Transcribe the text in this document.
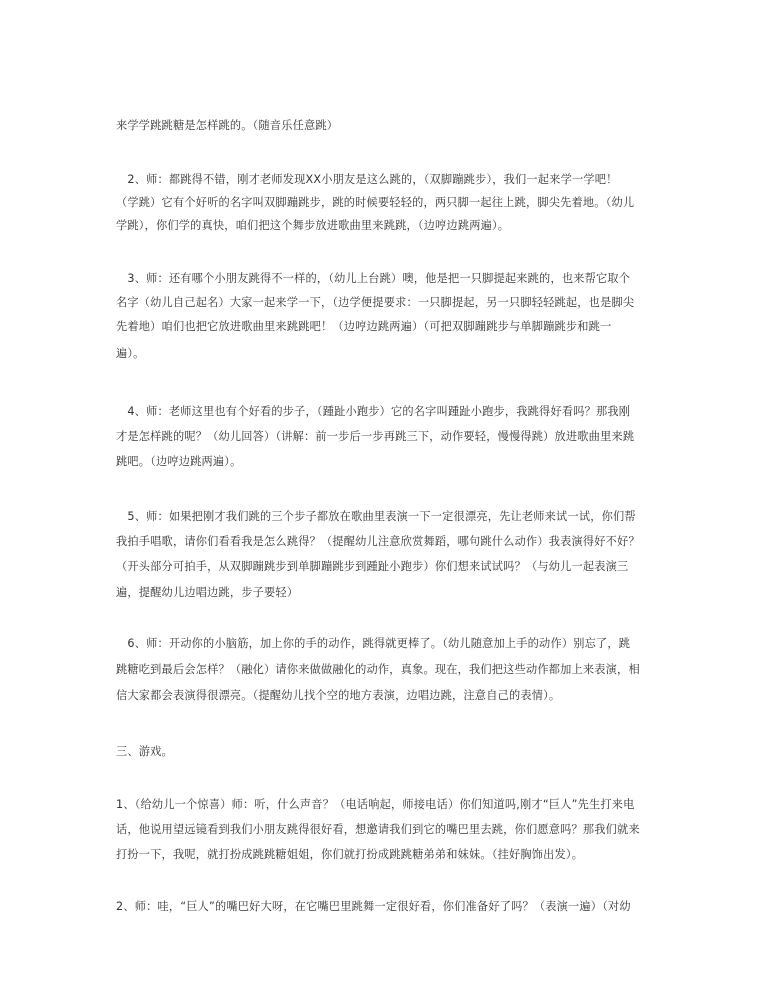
来学学跳跳糖是怎样跳的。（随音乐任意跳）
　2、师：都跳得不错，刚才老师发现XX小朋友是这么跳的，（双脚蹦跳步），我们一起来学一学吧！
（学跳）它有个好听的名字叫双脚蹦跳步，跳的时候要轻轻的，两只脚一起往上跳，脚尖先着地。（幼儿
学跳），你们学的真快，咱们把这个舞步放进歌曲里来跳跳，（边哼边跳两遍）。
　3、师：还有哪个小朋友跳得不一样的，（幼儿上台跳）噢，他是把一只脚提起来跳的，也来帮它取个
名字（幼儿自己起名）大家一起来学一下，（边学便提要求：一只脚提起，另一只脚轻轻跳起，也是脚尖
先着地）咱们也把它放进歌曲里来跳跳吧！（边哼边跳两遍）（可把双脚蹦跳步与单脚蹦跳步和跳一
遍）。
　4、师：老师这里也有个好看的步子，（踵趾小跑步）它的名字叫踵趾小跑步，我跳得好看吗？那我刚
才是怎样跳的呢？（幼儿回答）（讲解：前一步后一步再跳三下，动作要轻，慢慢得跳）放进歌曲里来跳
跳吧。（边哼边跳两遍）。
　5、师：如果把刚才我们跳的三个步子都放在歌曲里表演一下一定很漂亮，先让老师来试一试，你们帮
我拍手唱歌，请你们看看我是怎么跳得？（提醒幼儿注意欣赏舞蹈，哪句跳什么动作）我表演得好不好？
（开头部分可拍手，从双脚蹦跳步到单脚蹦跳步到踵趾小跑步）你们想来试试吗？（与幼儿一起表演三
遍，提醒幼儿边唱边跳，步子要轻）
　6、师：开动你的小脑筋，加上你的手的动作，跳得就更棒了。（幼儿随意加上手的动作）别忘了，跳
跳糖吃到最后会怎样？（融化）请你来做做融化的动作，真象。现在，我们把这些动作都加上来表演，相
信大家都会表演得很漂亮。（提醒幼儿找个空的地方表演，边唱边跳，注意自己的表情）。
三、游戏。
1、（给幼儿一个惊喜）师：听，什么声音？（电话响起，师接电话）你们知道吗,刚才“巨人”先生打来电
话，他说用望远镜看到我们小朋友跳得很好看，想邀请我们到它的嘴巴里去跳，你们愿意吗？那我们就来
打扮一下，我呢，就打扮成跳跳糖姐姐，你们就打扮成跳跳糖弟弟和妹妹。（挂好胸饰出发）。
2、师：哇，“巨人”的嘴巴好大呀，在它嘴巴里跳舞一定很好看，你们准备好了吗？（表演一遍）（对幼
